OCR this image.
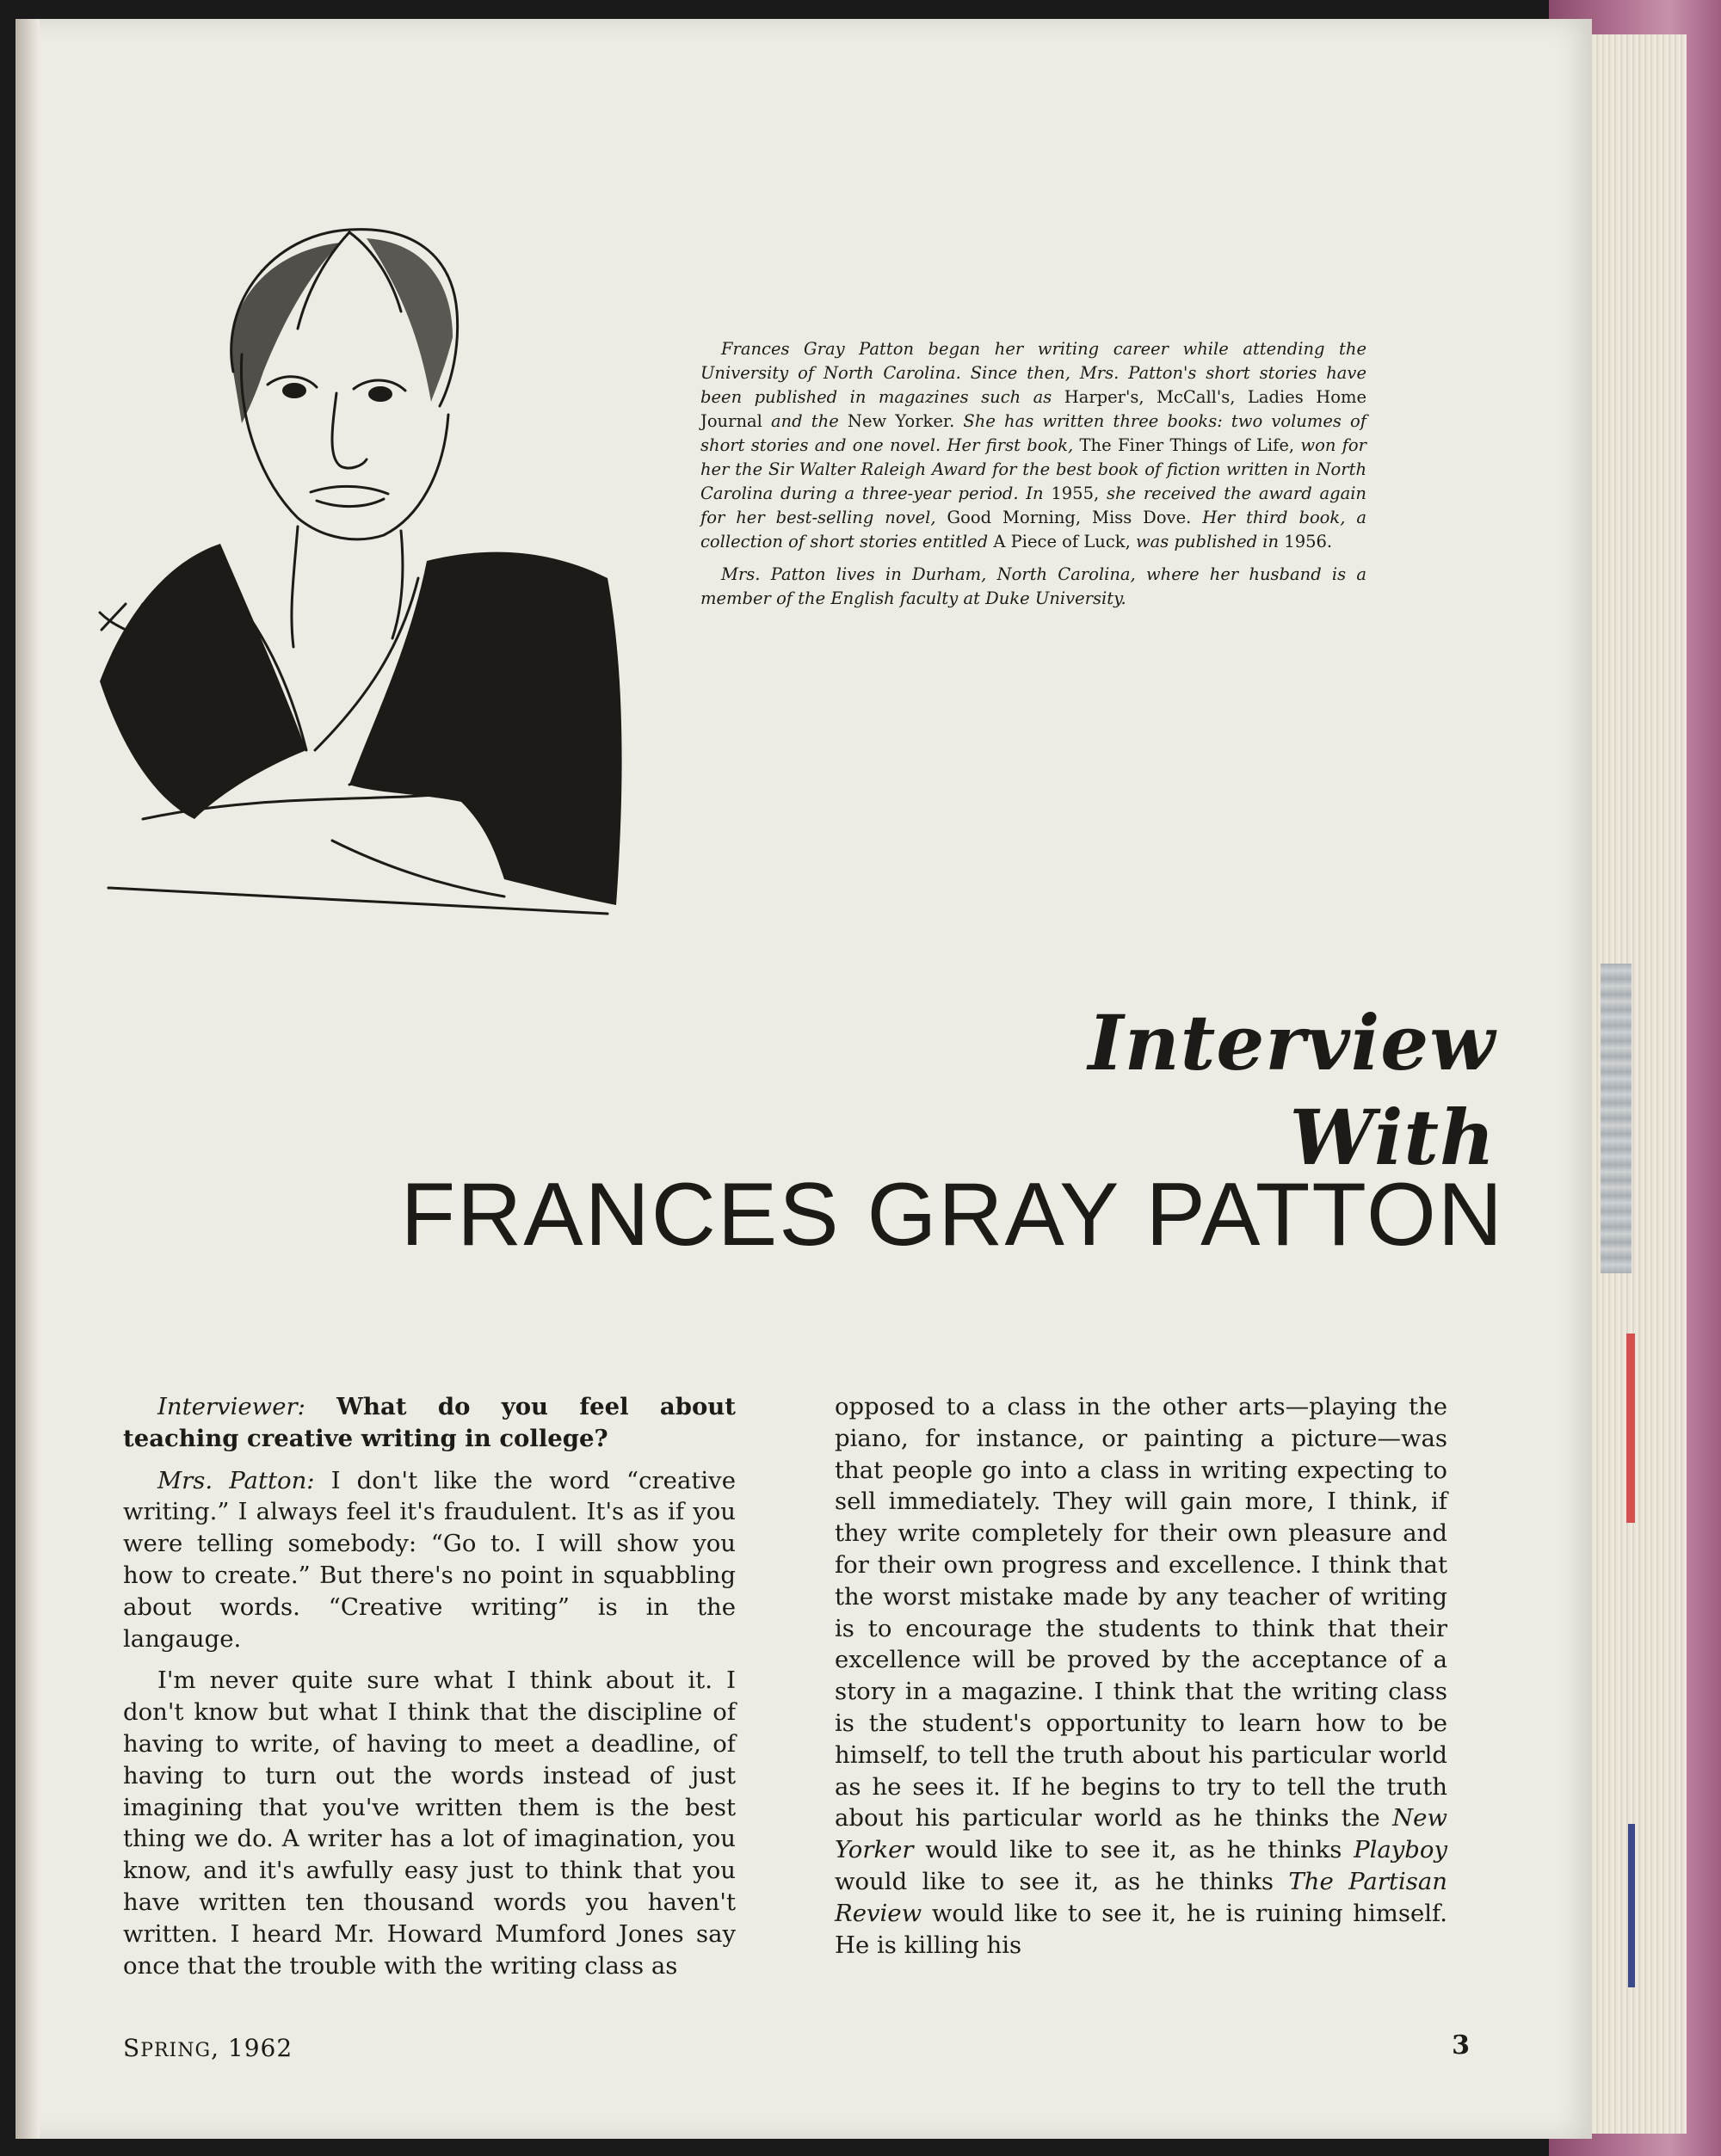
Frances Gray Patton began her writing career while attending the University of North Carolina. Since then, Mrs. Patton's short stories have been published in magazines such as Harper's, McCall's, Ladies Home Journal and the New Yorker. She has written three books: two volumes of short stories and one novel. Her first book, The Finer Things of Life, won for her the Sir Walter Raleigh Award for the best book of fiction written in North Carolina during a three-year period. In 1955, she received the award again for her best-selling novel, Good Morning, Miss Dove. Her third book, a collection of short stories entitled A Piece of Luck, was published in 1956.

Mrs. Patton lives in Durham, North Carolina, where her husband is a member of the English faculty at Duke University.

Interview With
FRANCES GRAY PATTON

Interviewer: What do you feel about teaching creative writing in college?

Mrs. Patton: I don't like the word “creative writing.” I always feel it's fraudulent. It's as if you were telling somebody: “Go to. I will show you how to create.” But there's no point in squabbling about words. “Creative writing” is in the langauge.

I'm never quite sure what I think about it. I don't know but what I think that the discipline of having to write, of having to meet a deadline, of having to turn out the words instead of just imagining that you've written them is the best thing we do. A writer has a lot of imagination, you know, and it's awfully easy just to think that you have written ten thousand words you haven't written. I heard Mr. Howard Mumford Jones say once that the trouble with the writing class as

opposed to a class in the other arts—playing the piano, for instance, or painting a picture—was that people go into a class in writing expecting to sell immediately. They will gain more, I think, if they write completely for their own pleasure and for their own progress and excellence. I think that the worst mistake made by any teacher of writing is to encourage the students to think that their excellence will be proved by the acceptance of a story in a magazine. I think that the writing class is the student's opportunity to learn how to be himself, to tell the truth about his particular world as he sees it. If he begins to try to tell the truth about his particular world as he thinks the New Yorker would like to see it, as he thinks Playboy would like to see it, as he thinks The Partisan Review would like to see it, he is ruining himself. He is killing his

SPRING, 1962	3
